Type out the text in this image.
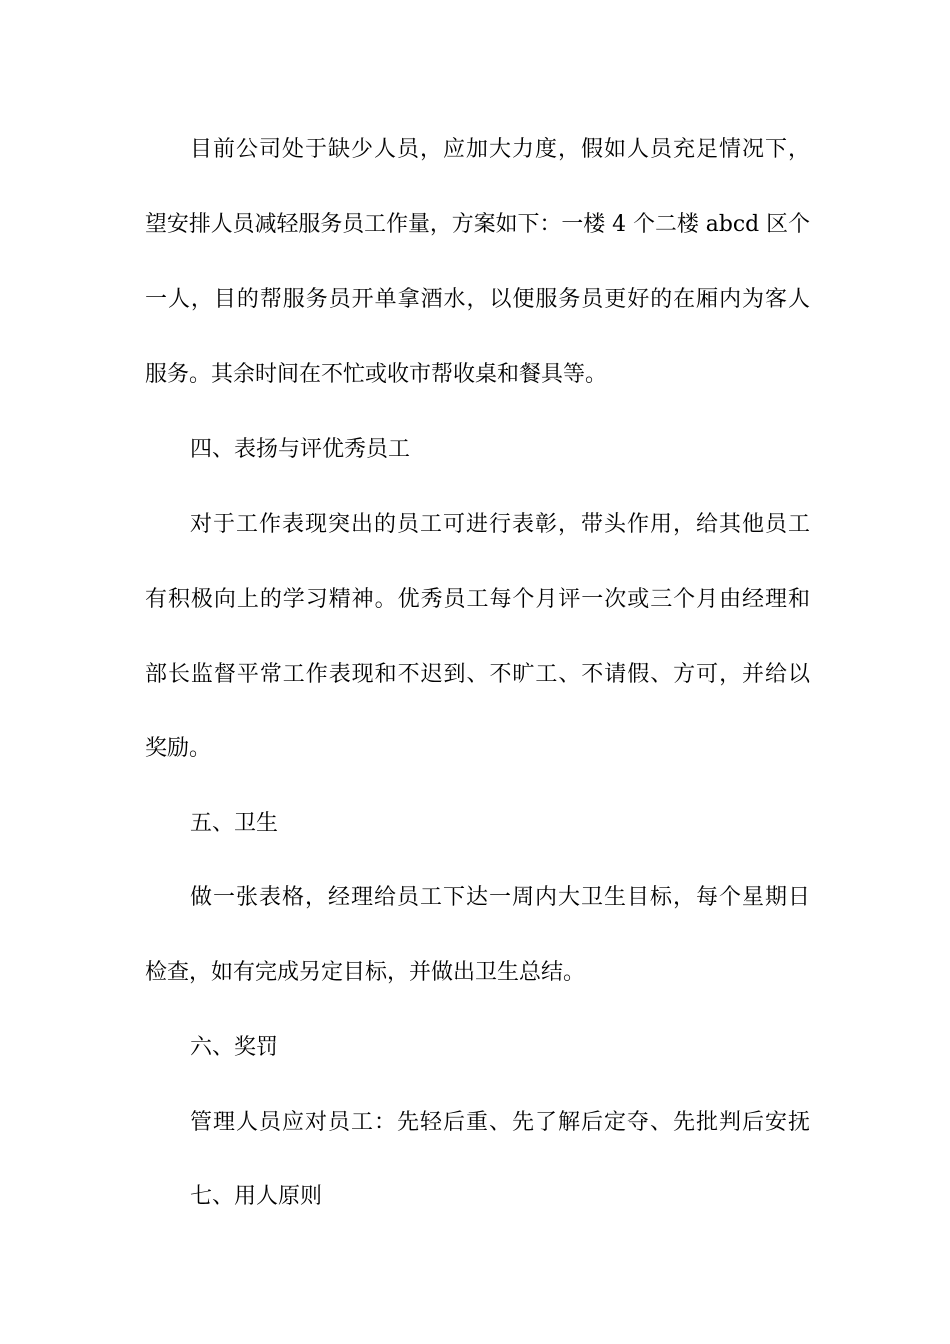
目前公司处于缺少人员，应加大力度，假如人员充足情况下，
望安排人员减轻服务员工作量，方案如下：一楼 4 个二楼 abcd 区个
一人，目的帮服务员开单拿酒水，以便服务员更好的在厢内为客人
服务。其余时间在不忙或收市帮收桌和餐具等。
四、表扬与评优秀员工
对于工作表现突出的员工可进行表彰，带头作用，给其他员工
有积极向上的学习精神。优秀员工每个月评一次或三个月由经理和
部长监督平常工作表现和不迟到、不旷工、不请假、方可，并给以
奖励。
五、卫生
做一张表格，经理给员工下达一周内大卫生目标，每个星期日
检查，如有完成另定目标，并做出卫生总结。
六、奖罚
管理人员应对员工：先轻后重、先了解后定夺、先批判后安抚
七、用人原则
